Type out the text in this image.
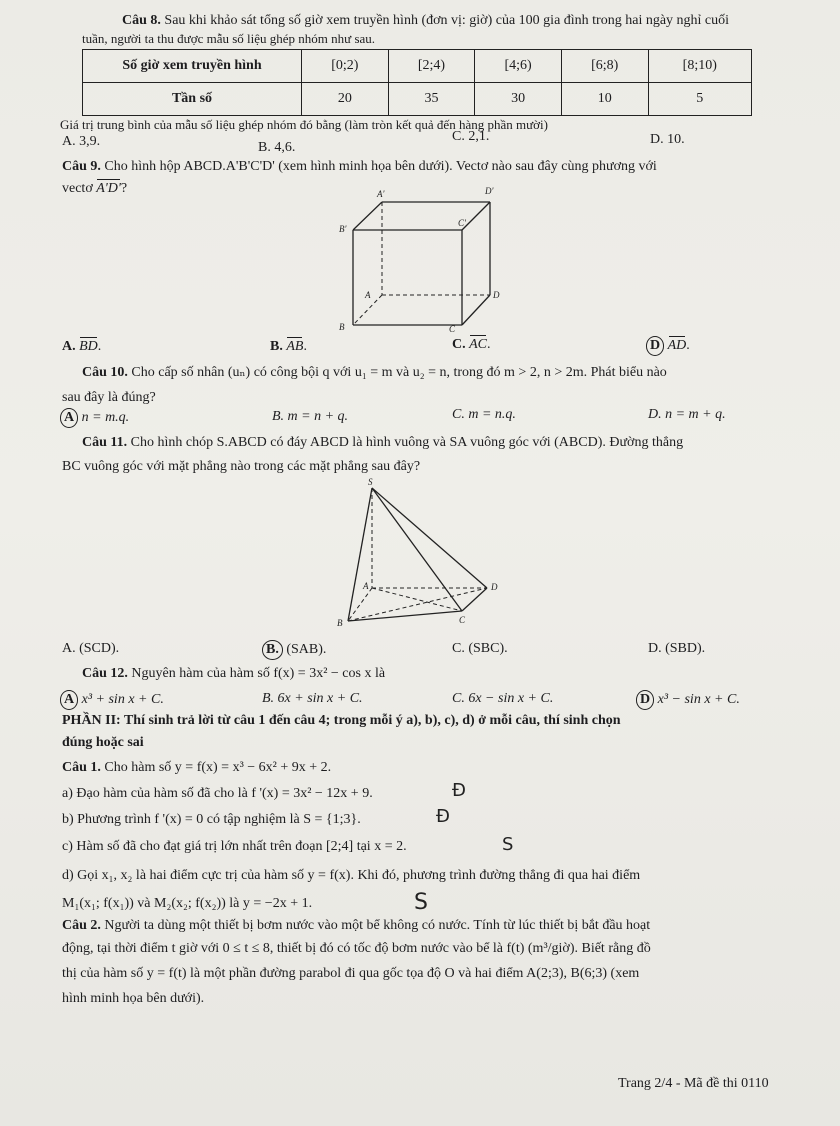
Câu 8. Sau khi khảo sát tổng số giờ xem truyền hình (đơn vị: giờ) của 100 gia đình trong hai ngày nghỉ cuối
tuần, người ta thu được mẫu số liệu ghép nhóm như sau.
Số giờ xem truyền hình	[0;2)	[2;4)	[4;6)	[6;8)	[8;10)
Tần số	20	35	30	10	5
Giá trị trung bình của mẫu số liệu ghép nhóm đó bằng (làm tròn kết quả đến hàng phần mười)
A. 3,9.	B. 4,6.
C. 2,1.	D. 10.
Câu 9. Cho hình hộp ABCD.A'B'C'D' (xem hình minh họa bên dưới). Vectơ nào sau đây cùng phương với
vectơ A'D'?	A'	D'
B'
C'
A	D
B	C
A. BD.	B. AB.	C. AC.	D AD.
Câu 10. Cho cấp số nhân (uₙ) có công bội q với u₁ = m và u₂ = n, trong đó m > 2, n > 2m. Phát biểu nào
sau đây là đúng?
A n = m.q.	B. m = n + q.	C. m = n.q.	D. n = m + q.
Câu 11. Cho hình chóp S.ABCD có đáy ABCD là hình vuông và SA vuông góc với (ABCD). Đường thẳng
BC vuông góc với mặt phẳng nào trong các mặt phẳng sau đây?
S
A	D
B	C
A. (SCD).	B. (SAB).	C. (SBC).	D. (SBD).
Câu 12. Nguyên hàm của hàm số f(x) = 3x² − cos x là
A x³ + sin x + C.	B. 6x + sin x + C.	C. 6x − sin x + C.	D x³ − sin x + C.
PHẦN II: Thí sinh trả lời từ câu 1 đến câu 4; trong mỗi ý a), b), c), d) ở mỗi câu, thí sinh chọn
đúng hoặc sai
Câu 1. Cho hàm số y = f(x) = x³ − 6x² + 9x + 2.
a) Đạo hàm của hàm số đã cho là f '(x) = 3x² − 12x + 9.	Ð
b) Phương trình f '(x) = 0 có tập nghiệm là S = {1;3}.	Ð
c) Hàm số đã cho đạt giá trị lớn nhất trên đoạn [2;4] tại x = 2.	S
d) Gọi x₁, x₂ là hai điểm cực trị của hàm số y = f(x). Khi đó, phương trình đường thẳng đi qua hai điểm
M₁(x₁; f(x₁)) và M₂(x₂; f(x₂)) là y = −2x + 1.	S
Câu 2. Người ta dùng một thiết bị bơm nước vào một bể không có nước. Tính từ lúc thiết bị bắt đầu hoạt
động, tại thời điểm t giờ với 0 ≤ t ≤ 8, thiết bị đó có tốc độ bơm nước vào bể là f(t) (m³/giờ). Biết rằng đồ
thị của hàm số y = f(t) là một phần đường parabol đi qua gốc tọa độ O và hai điểm A(2;3), B(6;3) (xem
hình minh họa bên dưới).
Trang 2/4 - Mã đề thi 0110
